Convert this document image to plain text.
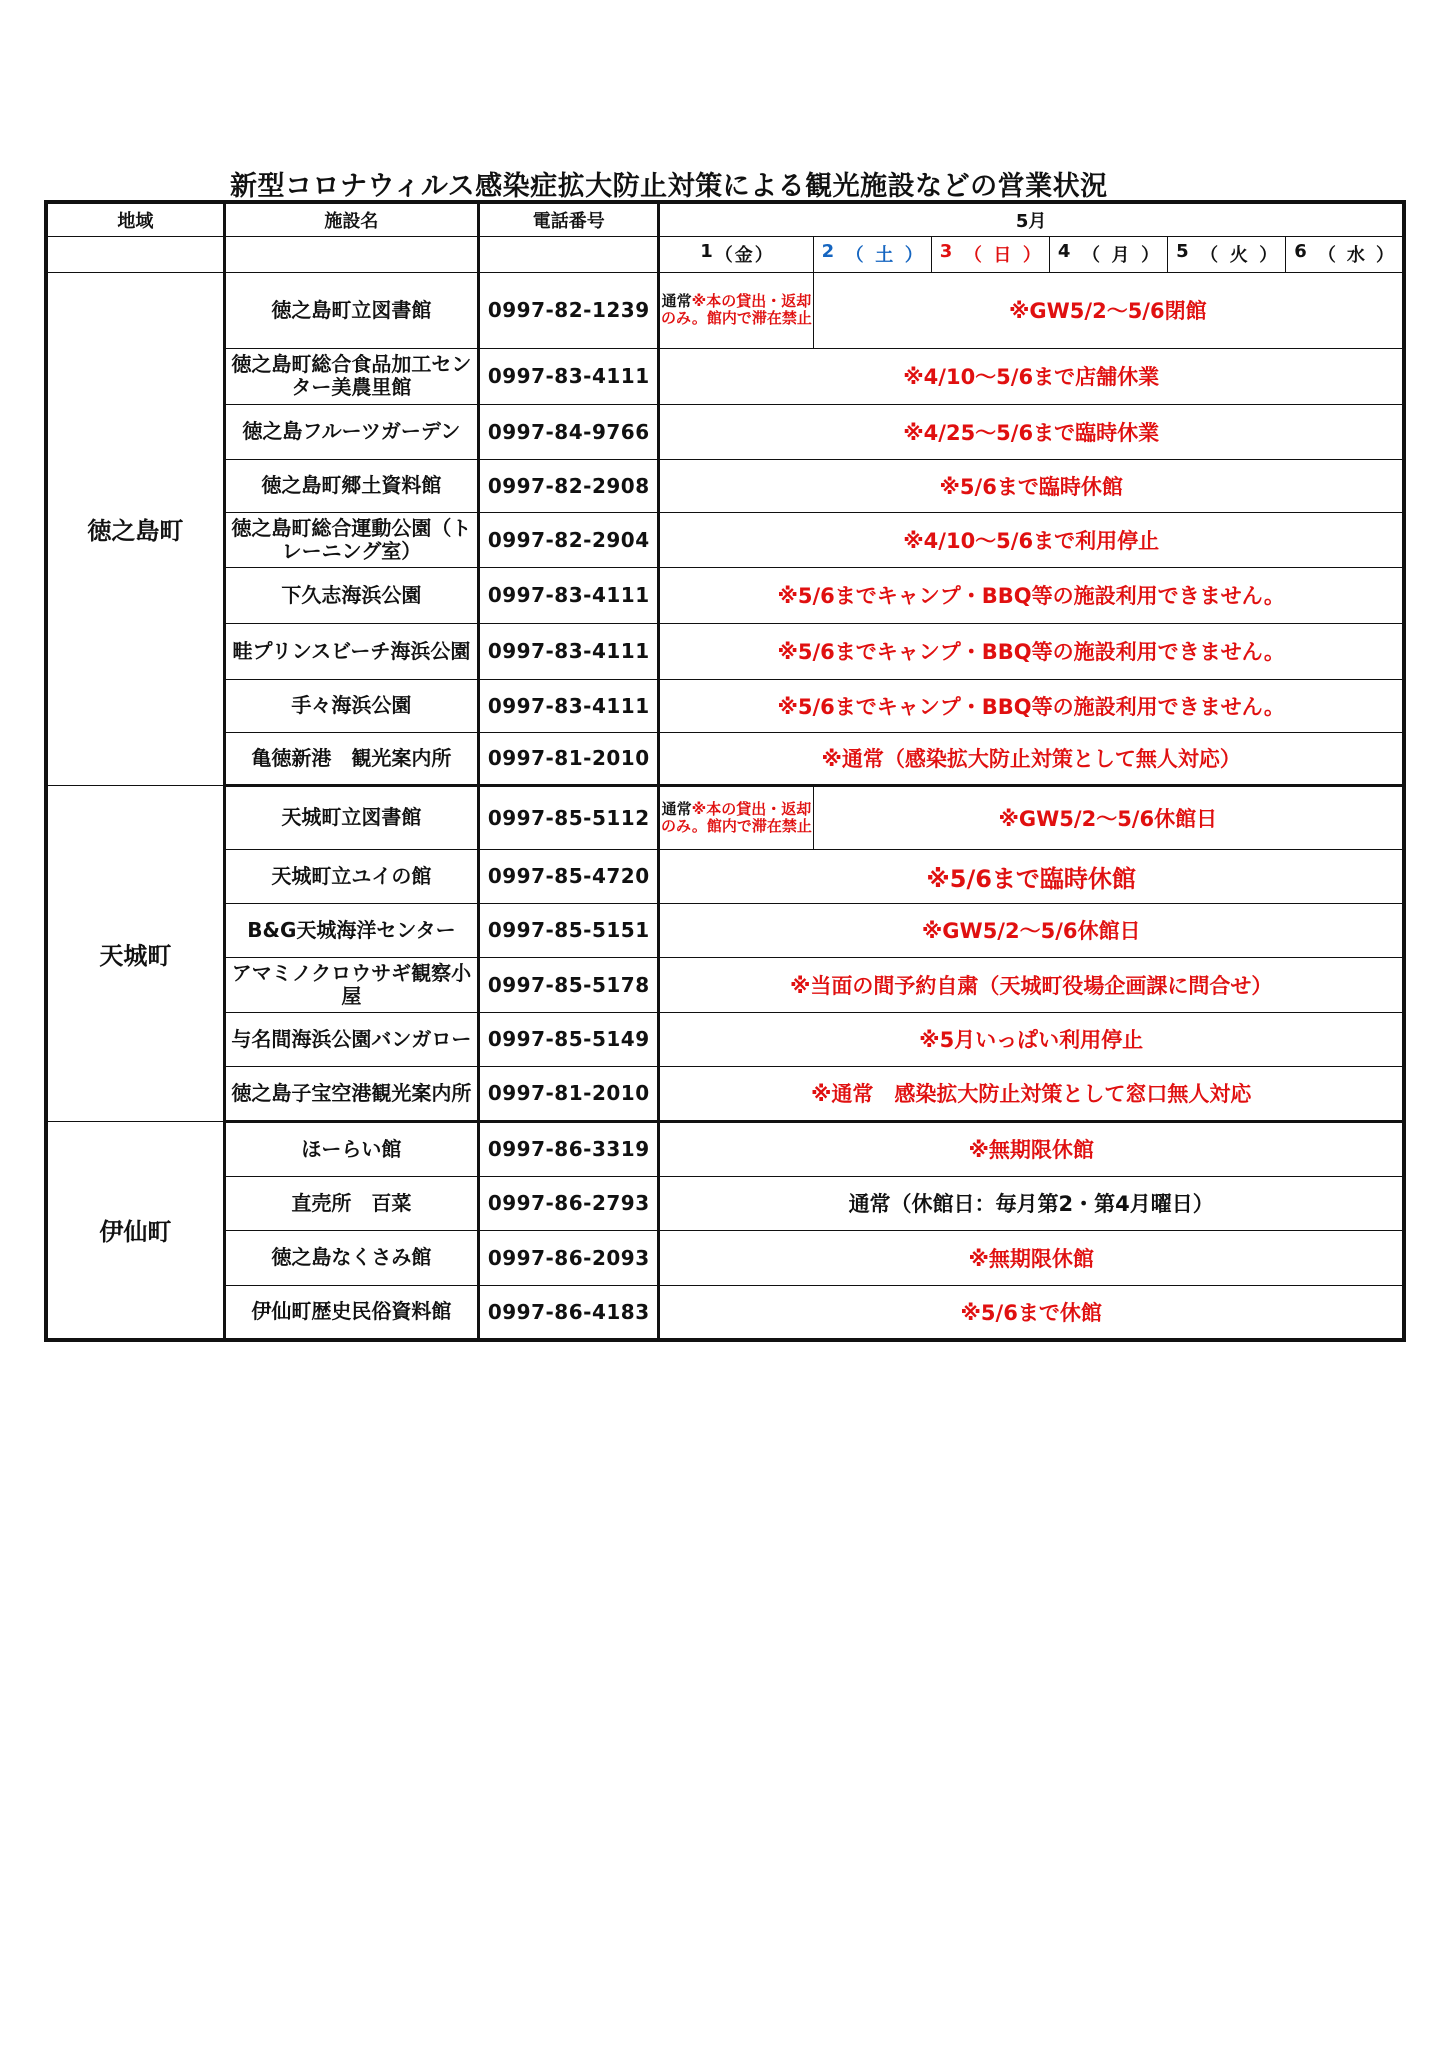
新型コロナウィルス感染症拡大防止対策による観光施設などの営業状況
地域	施設名	電話番号	5月					

			1 （ 金 ）	2 （ 土 ）	3 （ 日 ）	4 （ 月 ）	5 （ 火 ）	6 （ 水 ）

徳之島町	徳之島町立図書館	0997-82-1239	通常※本の貸出・返却のみ。館内で滞在禁止	※GW5/2～5/6閉館				
	徳之島町総合食品加工センター美農里館	0997-83-4111	※4/10～5/6まで店舗休業					
	徳之島フルーツガーデン	0997-84-9766	※4/25～5/6まで臨時休業					
	徳之島町郷土資料館	0997-82-2908	※5/6まで臨時休館					
	徳之島町総合運動公園（トレーニング室）	0997-82-2904	※4/10～5/6まで利用停止					
	下久志海浜公園	0997-83-4111	※5/6までキャンプ・BBQ等の施設利用できません。					
	畦プリンスビーチ海浜公園	0997-83-4111	※5/6までキャンプ・BBQ等の施設利用できません。					
	手々海浜公園	0997-83-4111	※5/6までキャンプ・BBQ等の施設利用できません。					
	亀徳新港　観光案内所	0997-81-2010	※通常（感染拡大防止対策として無人対応）					
天城町	天城町立図書館	0997-85-5112	通常※本の貸出・返却のみ。館内で滞在禁止	※GW5/2～5/6休館日				
	天城町立ユイの館	0997-85-4720	※5/6まで臨時休館					
	B&G天城海洋センター	0997-85-5151	※GW5/2～5/6休館日					
	アマミノクロウサギ観察小屋	0997-85-5178	※当面の間予約自粛（天城町役場企画課に問合せ）					
	与名間海浜公園バンガロー	0997-85-5149	※5月いっぱい利用停止					
	徳之島子宝空港観光案内所	0997-81-2010	※通常　感染拡大防止対策として窓口無人対応					
伊仙町	ほーらい館	0997-86-3319	※無期限休館					
	直売所　百菜	0997-86-2793	通常（休館日：毎月第2・第4月曜日）					
	徳之島なくさみ館	0997-86-2093	※無期限休館					
	伊仙町歴史民俗資料館	0997-86-4183	※5/6まで休館					
